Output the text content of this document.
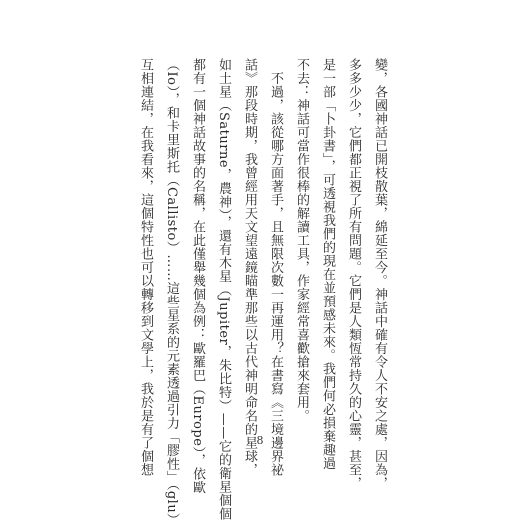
變，各國神話已開枝散葉，綿延至今。神話中確有令人不安之處，因為，
多多少少，它們都正視了所有問題。它們是人類恆常持久的心靈，甚至，
是一部「卜卦書」，可透視我們的現在並預感未來。我們何必損棄趣過
不去：神話可當作很棒的解讀工具，作家經常喜歡搶來套用。
　不過，該從哪方面著手，且無限次數一再運用？在書寫《三境邊界祕
話》那段時期，我曾經用天文望遠鏡瞄準那些以古代神明命名的星球，
如土星（Saturne，農神），還有木星（Jupiter，朱比特）——它的衛星個個
都有一個神話故事的名稱，在此僅舉幾個為例：歐羅巴（Europe），依歐
（Io），和卡里斯托（Callisto）……這些星系的元素透過引力「膠性」（glu）
互相連結，在我看來，這個特性也可以轉移到文學上，我於是有了個想	8
